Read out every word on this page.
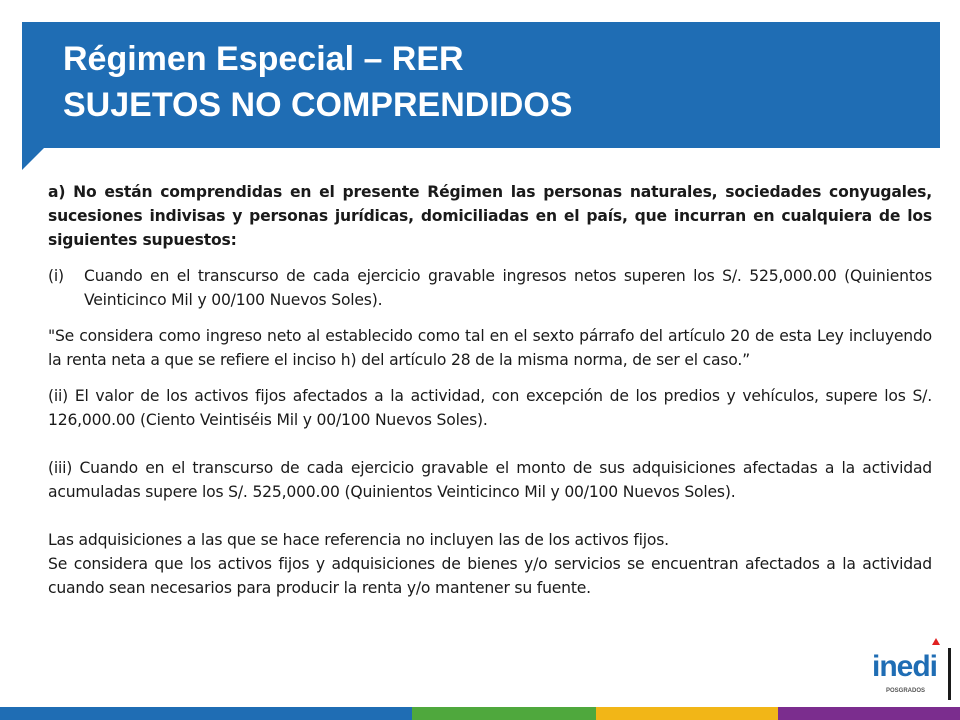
Régimen Especial – RER
SUJETOS NO COMPRENDIDOS

a) No están comprendidas en el presente Régimen las personas naturales, sociedades conyugales, sucesiones indivisas y personas jurídicas, domiciliadas en el país, que incurran en cualquiera de los siguientes supuestos:

(i)	Cuando en el transcurso de cada ejercicio gravable ingresos netos superen los S/. 525,000.00 (Quinientos Veinticinco Mil y 00/100 Nuevos Soles).

"Se considera como ingreso neto al establecido como tal en el sexto párrafo del artículo 20 de esta Ley incluyendo la renta neta a que se refiere el inciso h) del artículo 28 de la misma norma, de ser el caso.”

(ii) El valor de los activos fijos afectados a la actividad, con excepción de los predios y vehículos, supere los S/. 126,000.00 (Ciento Veintiséis Mil y 00/100 Nuevos Soles).

(iii) Cuando en el transcurso de cada ejercicio gravable el monto de sus adquisiciones afectadas a la actividad acumuladas supere los S/. 525,000.00 (Quinientos Veinticinco Mil y 00/100 Nuevos Soles).

Las adquisiciones a las que se hace referencia no incluyen las de los activos fijos.

Se considera que los activos fijos y adquisiciones de bienes y/o servicios se encuentran afectados a la actividad cuando sean necesarios para producir la renta y/o mantener su fuente.

inedi
POSGRADOS
